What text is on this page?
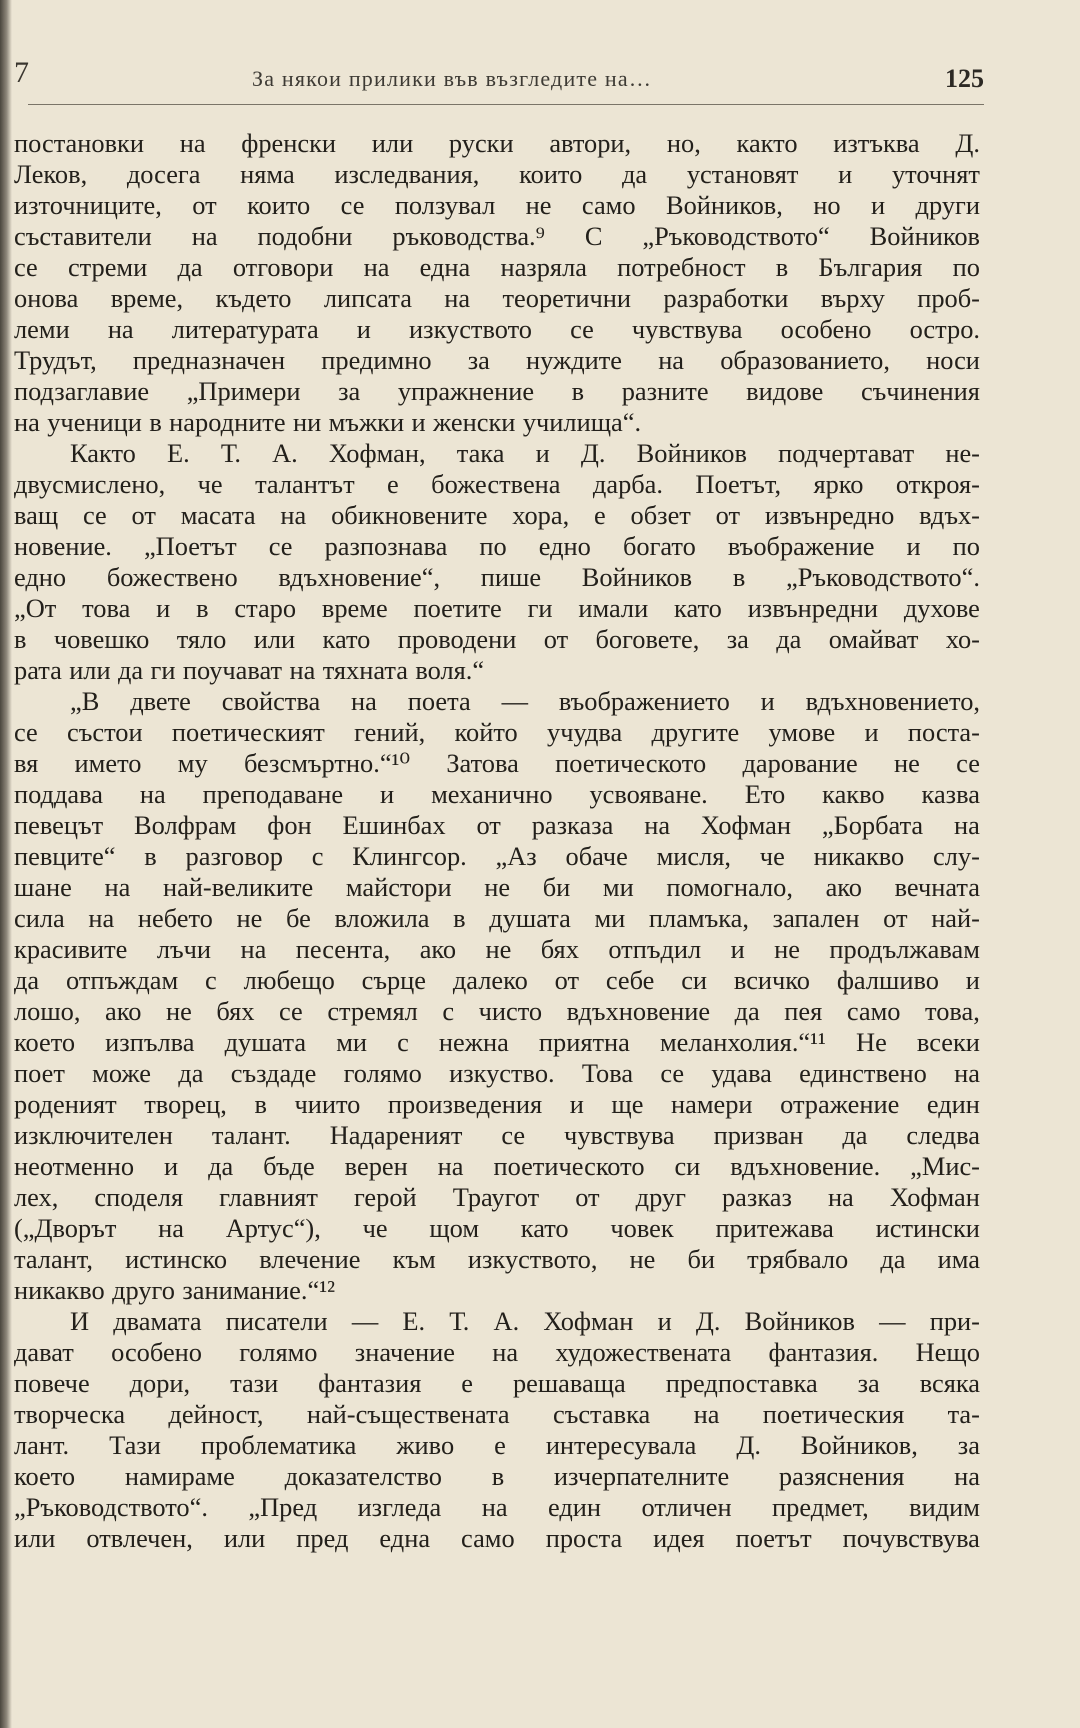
7	За някои прилики във възгледите на…	125
постановки на френски или руски автори, но, както изтъква Д.
Леков, досега няма изследвания, които да установят и уточнят
източниците, от които се ползувал не само Войников, но и други
съставители на подобни ръководства.⁹ С „Ръководството“ Войников
се стреми да отговори на една назряла потребност в България по
онова време, където липсата на теоретични разработки върху проб-
леми на литературата и изкуството се чувствува особено остро.
Трудът, предназначен предимно за нуждите на образованието, носи
подзаглавие „Примери за упражнение в разните видове съчинения
на ученици в народните ни мъжки и женски училища“.
Както Е. Т. А. Хофман, така и Д. Войников подчертават не-
двусмислено, че талантът е божествена дарба. Поетът, ярко откроя-
ващ се от масата на обикновените хора, е обзет от извънредно вдъх-
новение. „Поетът се разпознава по едно богато въображение и по
едно божествено вдъхновение“, пише Войников в „Ръководството“.
„От това и в старо време поетите ги имали като извънредни духове
в човешко тяло или като проводени от боговете, за да омайват хо-
рата или да ги поучават на тяхната воля.“
„В двете свойства на поета — въображението и вдъхновението,
се състои поетическият гений, който учудва другите умове и поста-
вя името му безсмъртно.“¹⁰ Затова поетическото дарование не се
поддава на преподаване и механично усвояване. Ето какво казва
певецът Волфрам фон Ешинбах от разказа на Хофман „Борбата на
певците“ в разговор с Клингсор. „Аз обаче мисля, че никакво слу-
шане на най-великите майстори не би ми помогнало, ако вечната
сила на небето не бе вложила в душата ми пламъка, запален от най-
красивите лъчи на песента, ако не бях отпъдил и не продължавам
да отпъждам с любещо сърце далеко от себе си всичко фалшиво и
лошо, ако не бях се стремял с чисто вдъхновение да пея само това,
което изпълва душата ми с нежна приятна меланхолия.“¹¹ Не всеки
поет може да създаде голямо изкуство. Това се удава единствено на
роденият творец, в чиито произведения и ще намери отражение един
изключителен талант. Надареният се чувствува призван да следва
неотменно и да бъде верен на поетическото си вдъхновение. „Мис-
лех, споделя главният герой Траугот от друг разказ на Хофман
(„Дворът на Артус“), че щом като човек притежава истински
талант, истинско влечение към изкуството, не би трябвало да има
никакво друго занимание.“¹²
И двамата писатели — Е. Т. А. Хофман и Д. Войников — при-
дават особено голямо значение на художествената фантазия. Нещо
повече дори, тази фантазия е решаваща предпоставка за всяка
творческа дейност, най-съществената съставка на поетическия та-
лант. Тази проблематика живо е интересувала Д. Войников, за
което намираме доказателство в изчерпателните разяснения на
„Ръководството“. „Пред изгледа на един отличен предмет, видим
или отвлечен, или пред една само проста идея поетът почувствува
